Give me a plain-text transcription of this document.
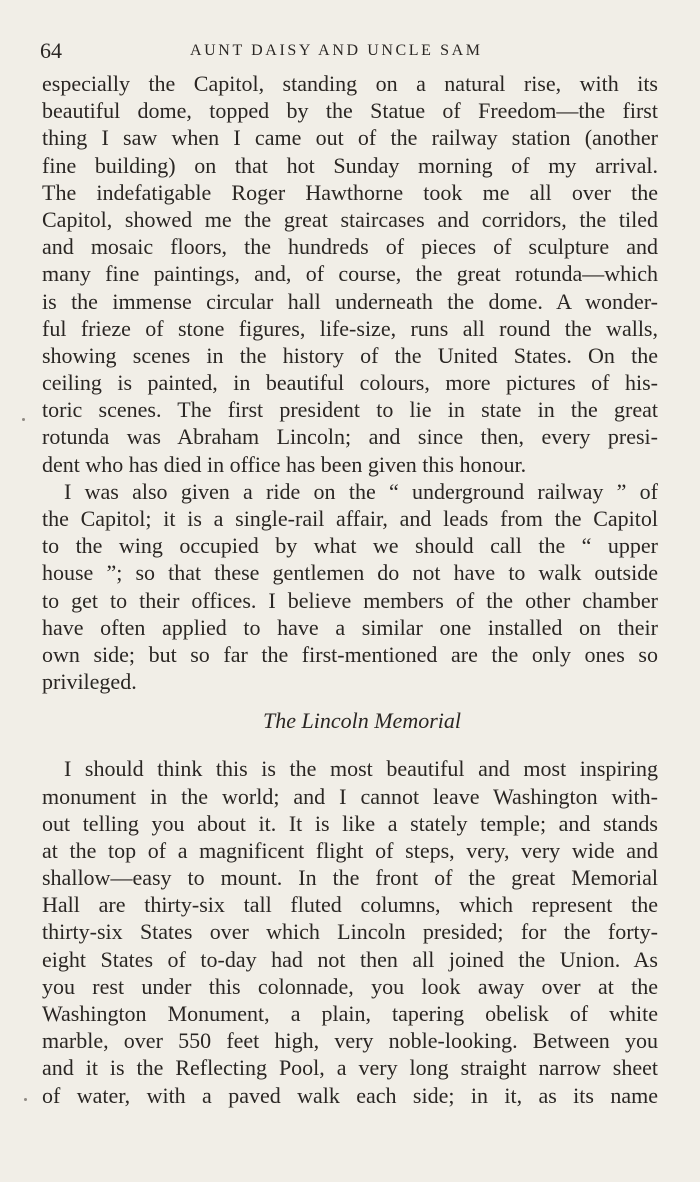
64	AUNT DAISY AND UNCLE SAM
especially the Capitol, standing on a natural rise, with its
beautiful dome, topped by the Statue of Freedom—the first
thing I saw when I came out of the railway station (another
fine building) on that hot Sunday morning of my arrival.
The indefatigable Roger Hawthorne took me all over the
Capitol, showed me the great staircases and corridors, the tiled
and mosaic floors, the hundreds of pieces of sculpture and
many fine paintings, and, of course, the great rotunda—which
is the immense circular hall underneath the dome. A wonder-
ful frieze of stone figures, life-size, runs all round the walls,
showing scenes in the history of the United States. On the
ceiling is painted, in beautiful colours, more pictures of his-
toric scenes. The first president to lie in state in the great
rotunda was Abraham Lincoln; and since then, every presi-
dent who has died in office has been given this honour.
I was also given a ride on the “ underground railway ” of
the Capitol; it is a single-rail affair, and leads from the Capitol
to the wing occupied by what we should call the “ upper
house ”; so that these gentlemen do not have to walk outside
to get to their offices. I believe members of the other chamber
have often applied to have a similar one installed on their
own side; but so far the first-mentioned are the only ones so
privileged.
The Lincoln Memorial
I should think this is the most beautiful and most inspiring
monument in the world; and I cannot leave Washington with-
out telling you about it. It is like a stately temple; and stands
at the top of a magnificent flight of steps, very, very wide and
shallow—easy to mount. In the front of the great Memorial
Hall are thirty-six tall fluted columns, which represent the
thirty-six States over which Lincoln presided; for the forty-
eight States of to-day had not then all joined the Union. As
you rest under this colonnade, you look away over at the
Washington Monument, a plain, tapering obelisk of white
marble, over 550 feet high, very noble-looking. Between you
and it is the Reflecting Pool, a very long straight narrow sheet
of water, with a paved walk each side; in it, as its name
